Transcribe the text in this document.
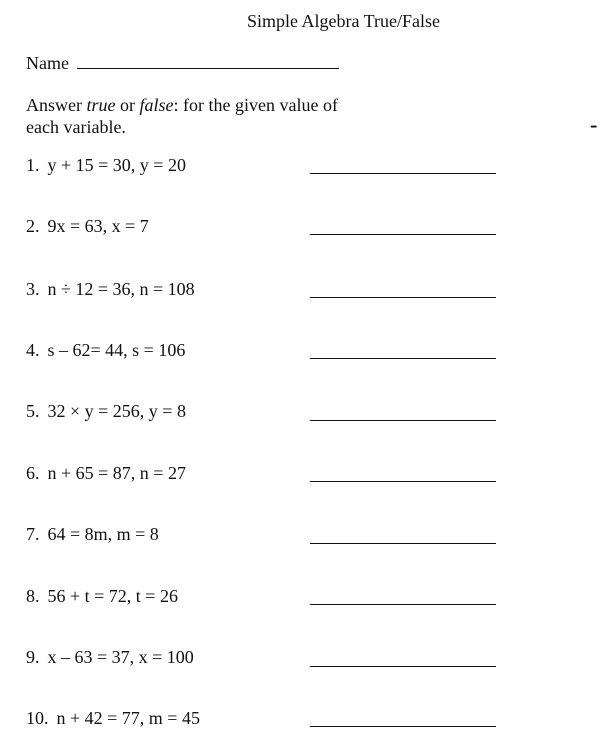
Simple Algebra True/False
Name
Answer true or false: for the given value of
each variable.	-
1. y + 15 = 30, y = 20
2. 9x = 63, x = 7
3. n ÷ 12 = 36, n = 108
4. s – 62= 44, s = 106
5. 32 × y = 256, y = 8
6. n + 65 = 87, n = 27
7. 64 = 8m, m = 8
8. 56 + t = 72, t = 26
9. x – 63 = 37, x = 100
10. n + 42 = 77, m = 45
